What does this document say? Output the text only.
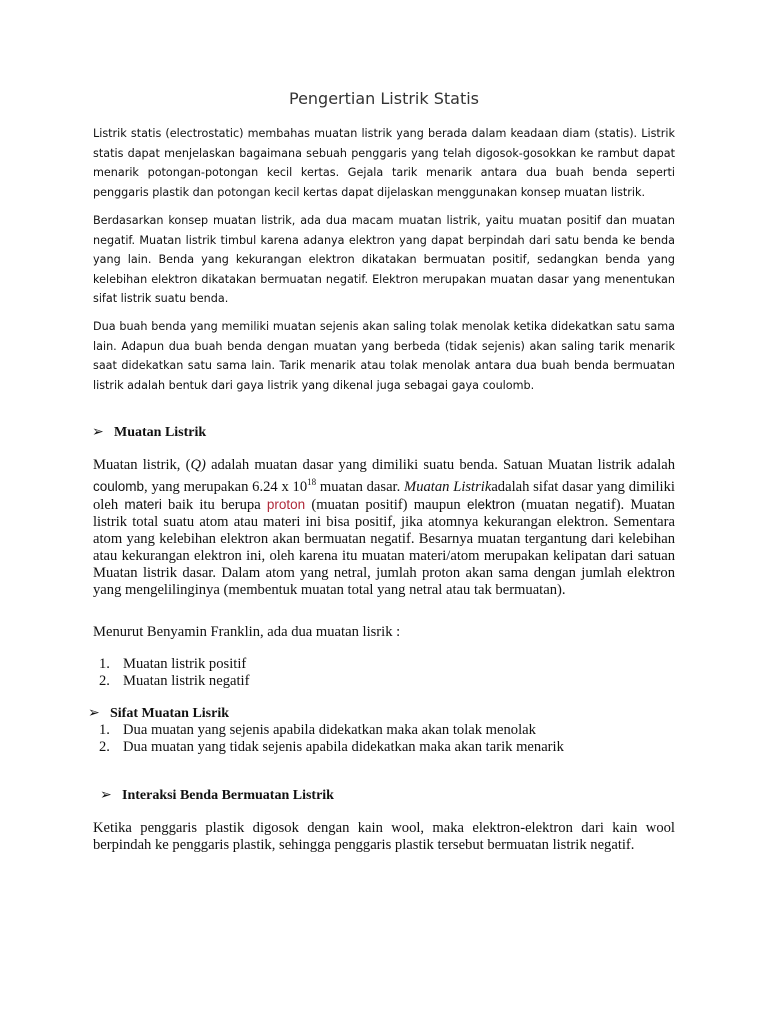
Pengertian Listrik Statis

Listrik statis (electrostatic) membahas muatan listrik yang berada dalam keadaan diam (statis). Listrik statis dapat menjelaskan bagaimana sebuah penggaris yang telah digosok-gosokkan ke rambut dapat menarik potongan-potongan kecil kertas. Gejala tarik menarik antara dua buah benda seperti penggaris plastik dan potongan kecil kertas dapat dijelaskan menggunakan konsep muatan listrik.

Berdasarkan konsep muatan listrik, ada dua macam muatan listrik, yaitu muatan positif dan muatan negatif. Muatan listrik timbul karena adanya elektron yang dapat berpindah dari satu benda ke benda yang lain. Benda yang kekurangan elektron dikatakan bermuatan positif, sedangkan benda yang kelebihan elektron dikatakan bermuatan negatif. Elektron merupakan muatan dasar yang menentukan sifat listrik suatu benda.

Dua buah benda yang memiliki muatan sejenis akan saling tolak menolak ketika didekatkan satu sama lain. Adapun dua buah benda dengan muatan yang berbeda (tidak sejenis) akan saling tarik menarik saat didekatkan satu sama lain. Tarik menarik atau tolak menolak antara dua buah benda bermuatan listrik adalah bentuk dari gaya listrik yang dikenal juga sebagai gaya coulomb.

➢ Muatan Listrik

Muatan listrik, (Q) adalah muatan dasar yang dimiliki suatu benda. Satuan Muatan listrik adalah coulomb, yang merupakan 6.24 x $10^{18}$ muatan dasar. Muatan Listrikadalah sifat dasar yang dimiliki oleh materi baik itu berupa proton (muatan positif) maupun elektron (muatan negatif). Muatan listrik total suatu atom atau materi ini bisa positif, jika atomnya kekurangan elektron. Sementara atom yang kelebihan elektron akan bermuatan negatif. Besarnya muatan tergantung dari kelebihan atau kekurangan elektron ini, oleh karena itu muatan materi/atom merupakan kelipatan dari satuan Muatan listrik dasar. Dalam atom yang netral, jumlah proton akan sama dengan jumlah elektron yang mengelilinginya (membentuk muatan total yang netral atau tak bermuatan).

Menurut Benyamin Franklin, ada dua muatan lisrik :

1. Muatan listrik positif
2. Muatan listrik negatif
➢ Sifat Muatan Lisrik
1. Dua muatan yang sejenis apabila didekatkan maka akan tolak menolak
2. Dua muatan yang tidak sejenis apabila didekatkan maka akan tarik menarik
➢ Interaksi Benda Bermuatan Listrik

Ketika penggaris plastik digosok dengan kain wool, maka elektron-elektron dari kain wool berpindah ke penggaris plastik, sehingga penggaris plastik tersebut bermuatan listrik negatif.
